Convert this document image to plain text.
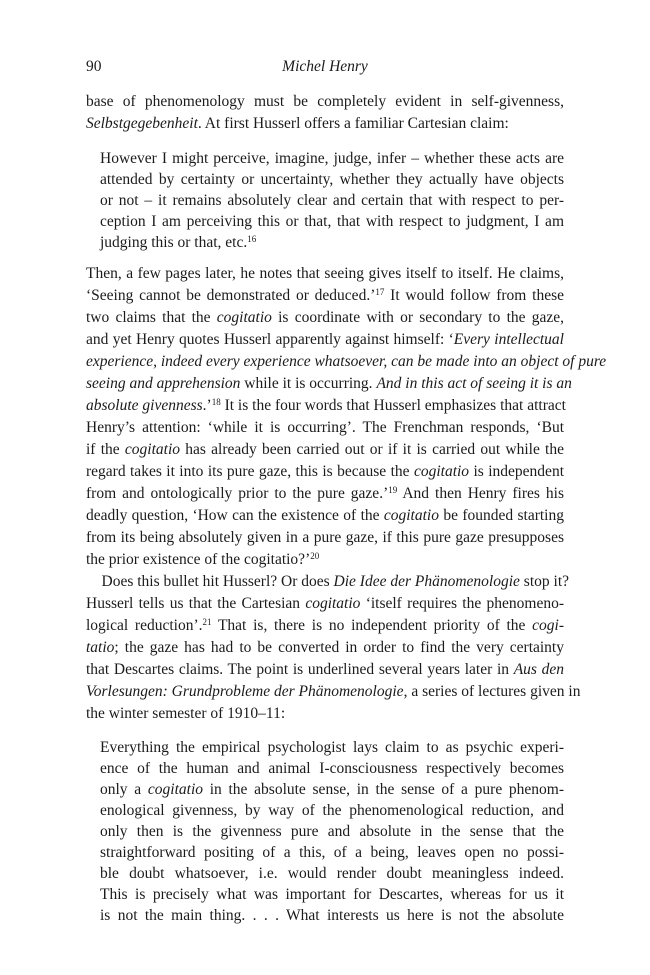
90	Michel Henry
base of phenomenology must be completely evident in self-givenness,
Selbstgegebenheit. At first Husserl offers a familiar Cartesian claim:
However I might perceive, imagine, judge, infer – whether these acts are
attended by certainty or uncertainty, whether they actually have objects
or not – it remains absolutely clear and certain that with respect to per-
ception I am perceiving this or that, that with respect to judgment, I am
judging this or that, etc.$^{16}$
Then, a few pages later, he notes that seeing gives itself to itself. He claims,
‘Seeing cannot be demonstrated or deduced.’$^{17}$ It would follow from these
two claims that the cogitatio is coordinate with or secondary to the gaze,
and yet Henry quotes Husserl apparently against himself: ‘Every intellectual
experience, indeed every experience whatsoever, can be made into an object of pure
seeing and apprehension while it is occurring. And in this act of seeing it is an
absolute givenness.’$^{18}$ It is the four words that Husserl emphasizes that attract
Henry’s attention: ‘while it is occurring’. The Frenchman responds, ‘But
if the cogitatio has already been carried out or if it is carried out while the
regard takes it into its pure gaze, this is because the cogitatio is independent
from and ontologically prior to the pure gaze.’$^{19}$ And then Henry fires his
deadly question, ‘How can the existence of the cogitatio be founded starting
from its being absolutely given in a pure gaze, if this pure gaze presupposes
the prior existence of the cogitatio?’$^{20}$
Does this bullet hit Husserl? Or does Die Idee der Phänomenologie stop it?
Husserl tells us that the Cartesian cogitatio ‘itself requires the phenomeno-
logical reduction’.$^{21}$ That is, there is no independent priority of the cogi-
tatio; the gaze has had to be converted in order to find the very certainty
that Descartes claims. The point is underlined several years later in Aus den
Vorlesungen: Grundprobleme der Phänomenologie, a series of lectures given in
the winter semester of 1910–11:
Everything the empirical psychologist lays claim to as psychic experi-
ence of the human and animal I-consciousness respectively becomes
only a cogitatio in the absolute sense, in the sense of a pure phenom-
enological givenness, by way of the phenomenological reduction, and
only then is the givenness pure and absolute in the sense that the
straightforward positing of a this, of a being, leaves open no possi-
ble doubt whatsoever, i.e. would render doubt meaningless indeed.
This is precisely what was important for Descartes, whereas for us it
is not the main thing. . . . What interests us here is not the absolute
